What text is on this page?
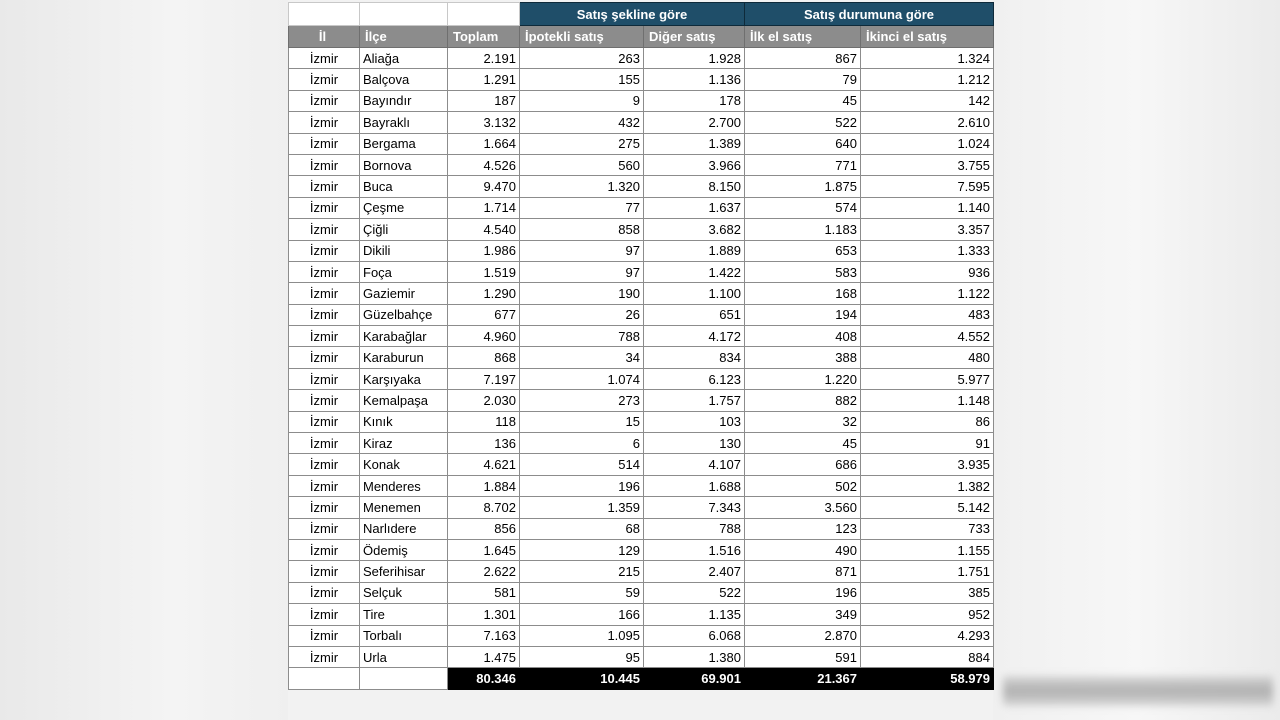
			Satış şekline göre		Satış durumuna göre	
İl	İlçe	Toplam	İpotekli satış	Diğer satış	İlk el satış	İkinci el satış
İzmir	Aliağa	2.191	263	1.928	867	1.324
İzmir	Balçova	1.291	155	1.136	79	1.212
İzmir	Bayındır	187	9	178	45	142
İzmir	Bayraklı	3.132	432	2.700	522	2.610
İzmir	Bergama	1.664	275	1.389	640	1.024
İzmir	Bornova	4.526	560	3.966	771	3.755
İzmir	Buca	9.470	1.320	8.150	1.875	7.595
İzmir	Çeşme	1.714	77	1.637	574	1.140
İzmir	Çiğli	4.540	858	3.682	1.183	3.357
İzmir	Dikili	1.986	97	1.889	653	1.333
İzmir	Foça	1.519	97	1.422	583	936
İzmir	Gaziemir	1.290	190	1.100	168	1.122
İzmir	Güzelbahçe	677	26	651	194	483
İzmir	Karabağlar	4.960	788	4.172	408	4.552
İzmir	Karaburun	868	34	834	388	480
İzmir	Karşıyaka	7.197	1.074	6.123	1.220	5.977
İzmir	Kemalpaşa	2.030	273	1.757	882	1.148
İzmir	Kınık	118	15	103	32	86
İzmir	Kiraz	136	6	130	45	91
İzmir	Konak	4.621	514	4.107	686	3.935
İzmir	Menderes	1.884	196	1.688	502	1.382
İzmir	Menemen	8.702	1.359	7.343	3.560	5.142
İzmir	Narlıdere	856	68	788	123	733
İzmir	Ödemiş	1.645	129	1.516	490	1.155
İzmir	Seferihisar	2.622	215	2.407	871	1.751
İzmir	Selçuk	581	59	522	196	385
İzmir	Tire	1.301	166	1.135	349	952
İzmir	Torbalı	7.163	1.095	6.068	2.870	4.293
İzmir	Urla	1.475	95	1.380	591	884
		80.346	10.445	69.901	21.367	58.979
